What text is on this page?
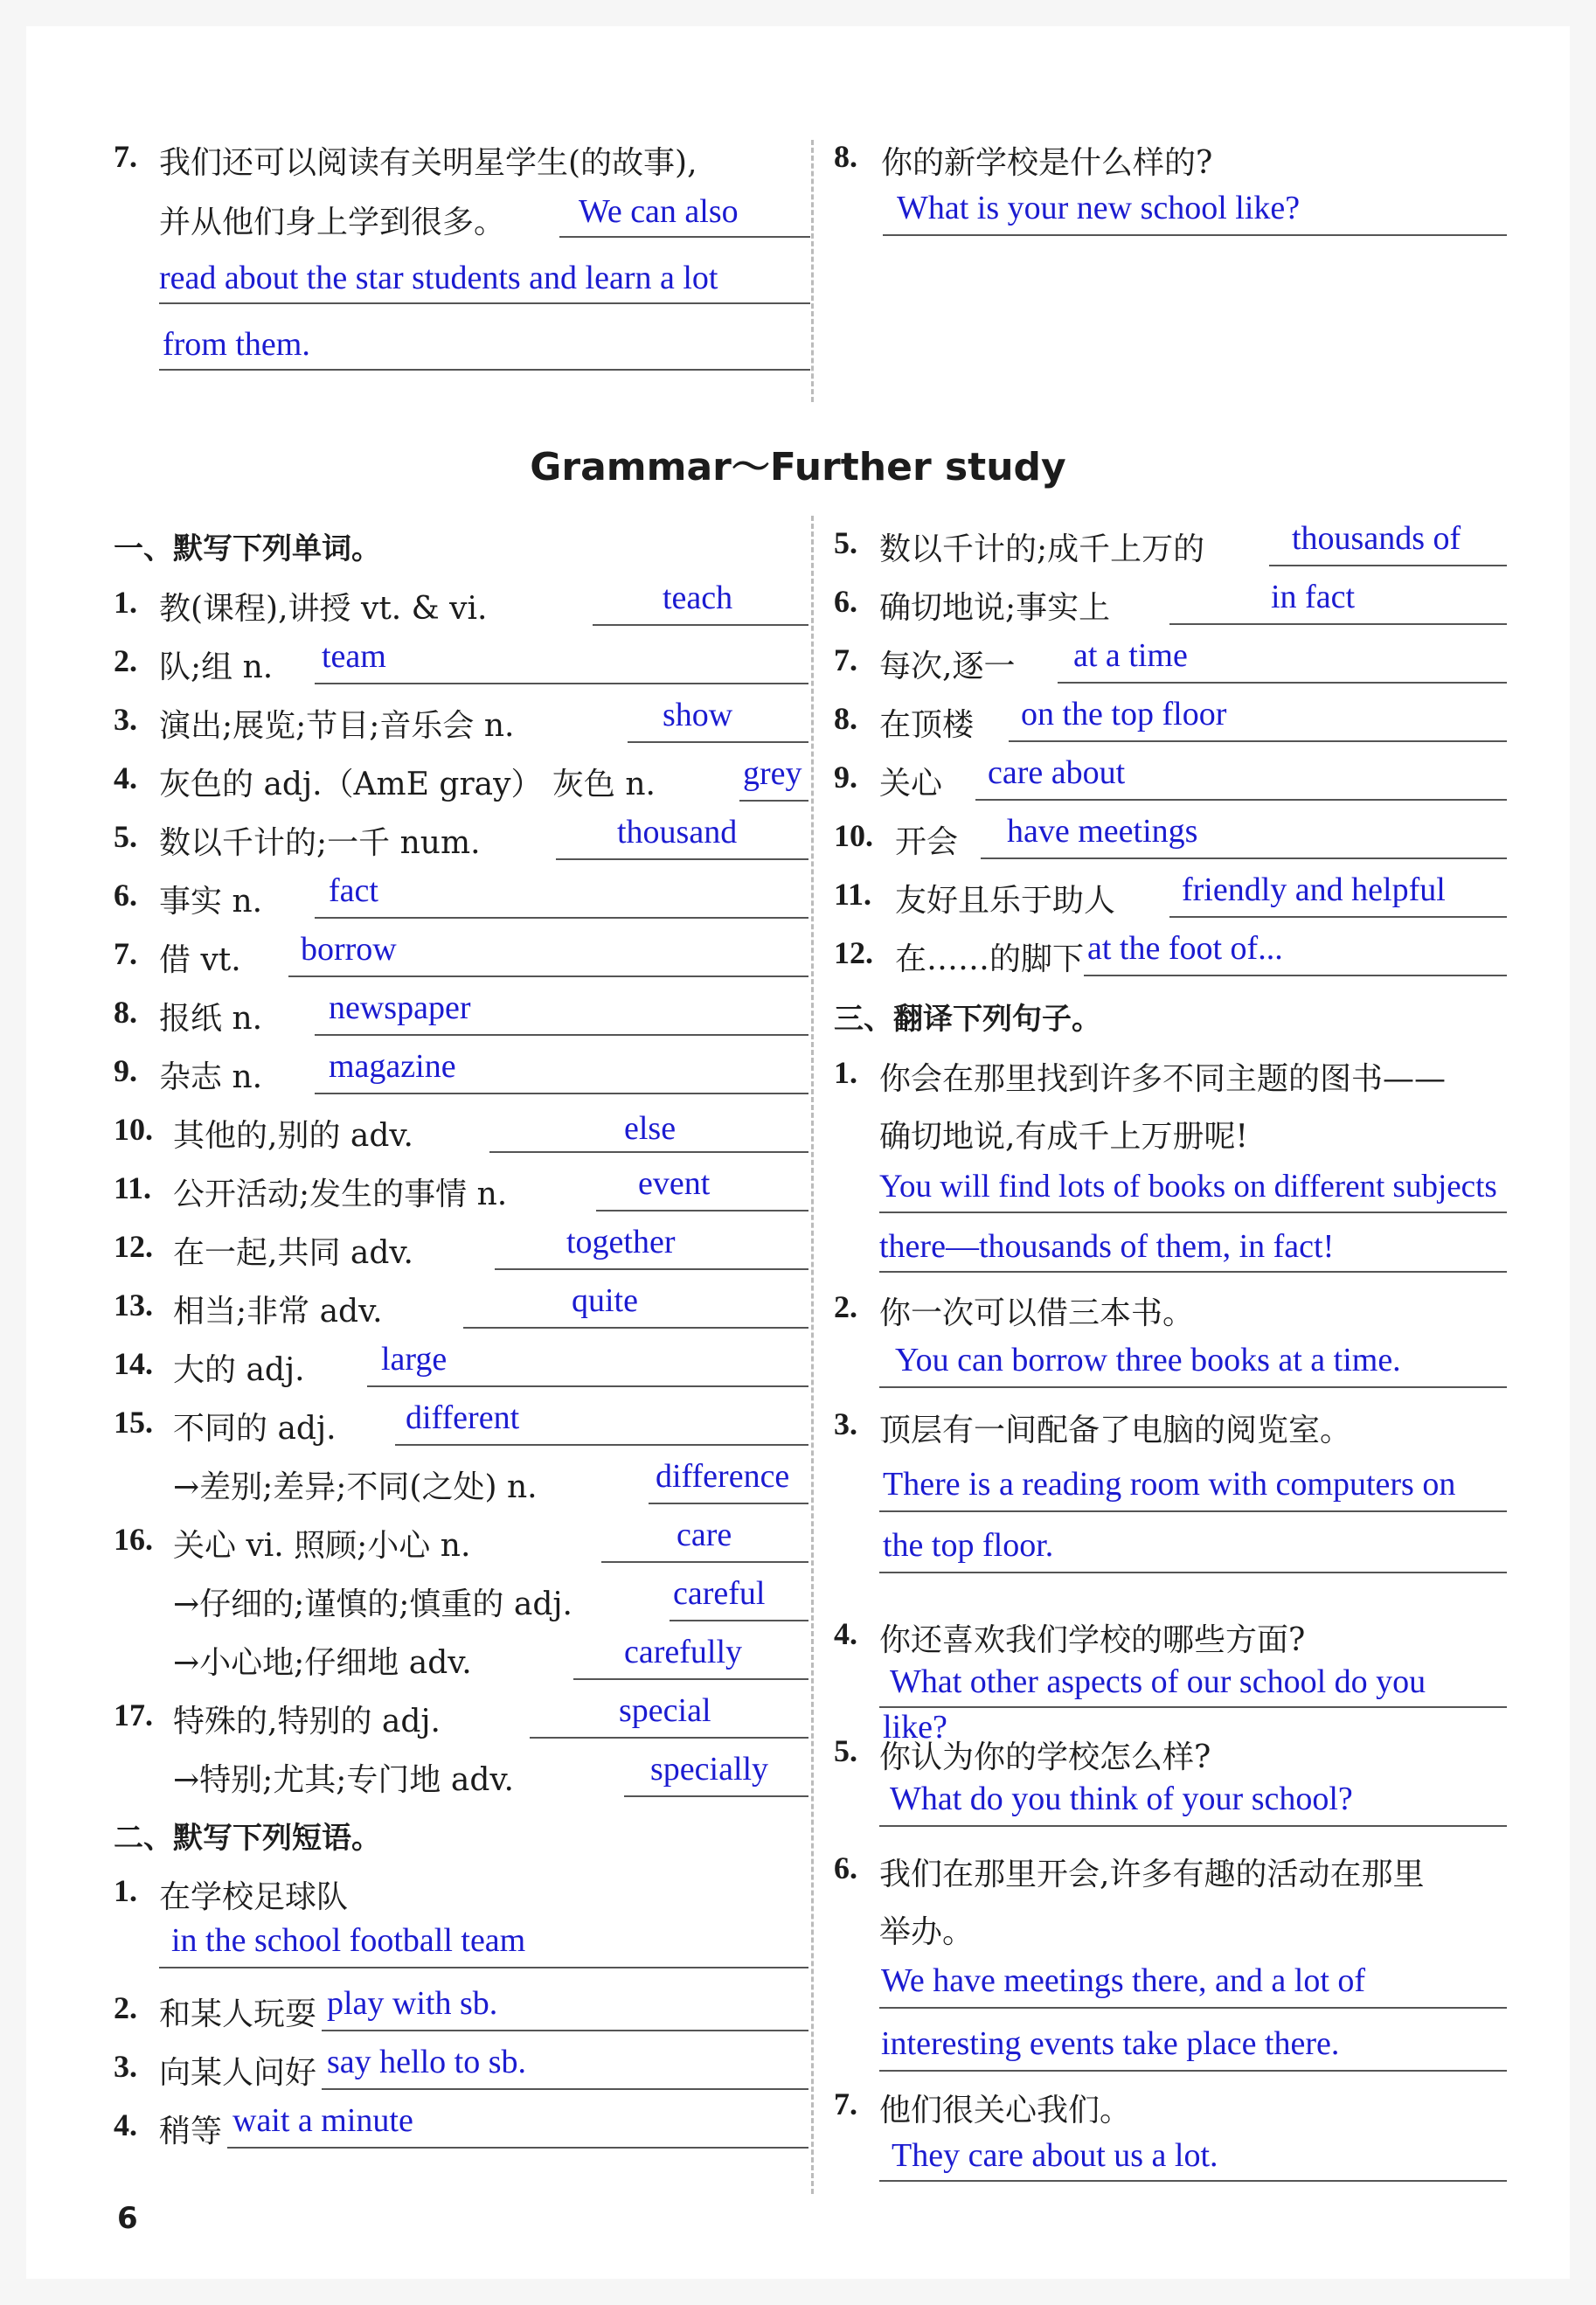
7. 我们还可以阅读有关明星学生(的故事),
并从他们身上学到很多。 We can also
read about the star students and learn a lot
from them.
8. 你的新学校是什么样的?
What is your new school like?
Grammar～Further study
一、默写下列单词。
1. 教(课程),讲授 vt. & vi.	teach
2. 队;组 n. team
3. 演出;展览;节目;音乐会 n.	show
4. 灰色的 adj.（AmE gray） 灰色 n.	grey
5. 数以千计的;一千 num.	thousand
6. 事实 n. fact
7. 借 vt. borrow
8. 报纸 n. newspaper
9. 杂志 n. magazine
10. 其他的,别的 adv.	else
11. 公开活动;发生的事情 n.	event
12. 在一起,共同 adv.	together
13. 相当;非常 adv.	quite
14. 大的 adj. large
15. 不同的 adj. different
→差别;差异;不同(之处) n.	difference
16. 关心 vi. 照顾;小心 n.	care
→仔细的;谨慎的;慎重的 adj.	careful
→小心地;仔细地 adv.	carefully
17. 特殊的,特别的 adj.	special
→特别;尤其;专门地 adv.	specially
二、默写下列短语。
1. 在学校足球队
in the school football team
2. 和某人玩耍 play with sb.
3. 向某人问好 say hello to sb.
4. 稍等 wait a minute
5. 数以千计的;成千上万的	thousands of
6. 确切地说;事实上	in fact
7. 每次,逐一 at a time
8. 在顶楼 on the top floor
9. 关心 care about
10. 开会 have meetings
11. 友好且乐于助人 friendly and helpful
12. 在……的脚下 at the foot of...
三、翻译下列句子。
1. 你会在那里找到许多不同主题的图书——
确切地说,有成千上万册呢!
You will find lots of books on different subjects
there—thousands of them, in fact!
2. 你一次可以借三本书。
You can borrow three books at a time.
3. 顶层有一间配备了电脑的阅览室。
There is a reading room with computers on
the top floor.
4. 你还喜欢我们学校的哪些方面?
What other aspects of our school do you
like?
5. 你认为你的学校怎么样?
What do you think of your school?
6. 我们在那里开会,许多有趣的活动在那里
举办。
We have meetings there, and a lot of
interesting events take place there.
7. 他们很关心我们。
They care about us a lot.
6
